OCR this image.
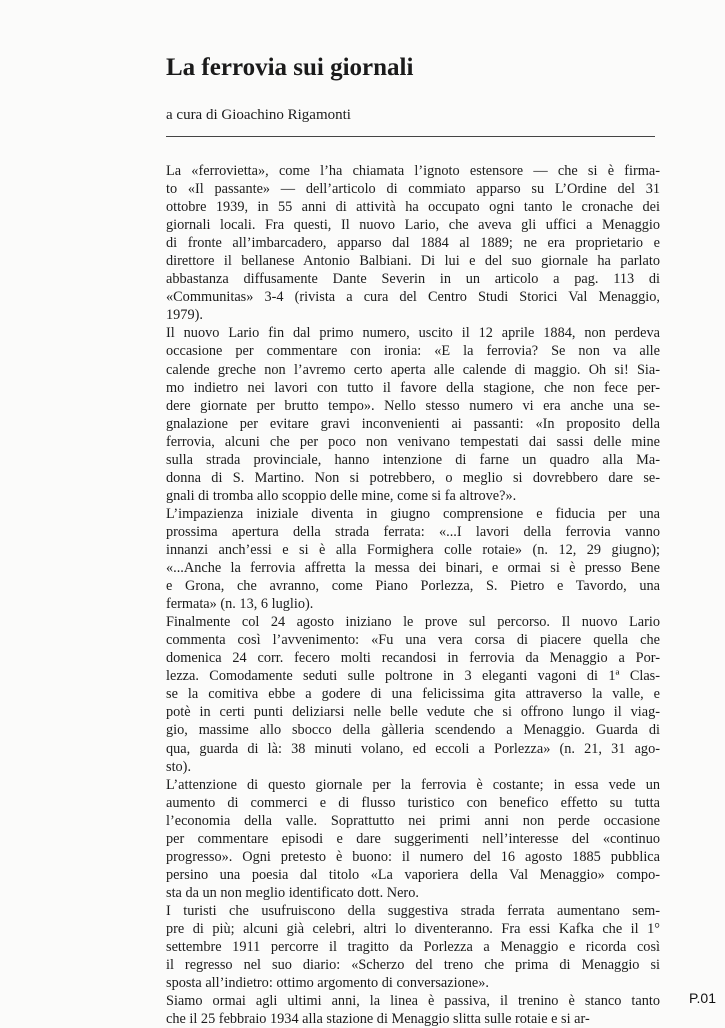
La ferrovia sui giornali
a cura di Gioachino Rigamonti
La «ferrovietta», come l’ha chiamata l’ignoto estensore — che si è firma-
to «Il passante» — dell’articolo di commiato apparso su L’Ordine del 31
ottobre 1939, in 55 anni di attività ha occupato ogni tanto le cronache dei
giornali locali. Fra questi, Il nuovo Lario, che aveva gli uffici a Menaggio
di fronte all’imbarcadero, apparso dal 1884 al 1889; ne era proprietario e
direttore il bellanese Antonio Balbiani. Di lui e del suo giornale ha parlato
abbastanza diffusamente Dante Severin in un articolo a pag. 113 di
«Communitas» 3-4 (rivista a cura del Centro Studi Storici Val Menaggio,
1979).
Il nuovo Lario fin dal primo numero, uscito il 12 aprile 1884, non perdeva
occasione per commentare con ironia: «E la ferrovia? Se non va alle
calende greche non l’avremo certo aperta alle calende di maggio. Oh si! Sia-
mo indietro nei lavori con tutto il favore della stagione, che non fece per-
dere giornate per brutto tempo». Nello stesso numero vi era anche una se-
gnalazione per evitare gravi inconvenienti ai passanti: «In proposito della
ferrovia, alcuni che per poco non venivano tempestati dai sassi delle mine
sulla strada provinciale, hanno intenzione di farne un quadro alla Ma-
donna di S. Martino. Non si potrebbero, o meglio si dovrebbero dare se-
gnali di tromba allo scoppio delle mine, come si fa altrove?».
L’impazienza iniziale diventa in giugno comprensione e fiducia per una
prossima apertura della strada ferrata: «...I lavori della ferrovia vanno
innanzi anch’essi e si è alla Formighera colle rotaie» (n. 12, 29 giugno);
«...Anche la ferrovia affretta la messa dei binari, e ormai si è presso Bene
e Grona, che avranno, come Piano Porlezza, S. Pietro e Tavordo, una
fermata» (n. 13, 6 luglio).
Finalmente col 24 agosto iniziano le prove sul percorso. Il nuovo Lario
commenta così l’avvenimento: «Fu una vera corsa di piacere quella che
domenica 24 corr. fecero molti recandosi in ferrovia da Menaggio a Por-
lezza. Comodamente seduti sulle poltrone in 3 eleganti vagoni di 1ª Clas-
se la comitiva ebbe a godere di una felicissima gita attraverso la valle, e
potè in certi punti deliziarsi nelle belle vedute che si offrono lungo il viag-
gio, massime allo sbocco della gàlleria scendendo a Menaggio. Guarda di
qua, guarda di là: 38 minuti volano, ed eccoli a Porlezza» (n. 21, 31 ago-
sto).
L’attenzione di questo giornale per la ferrovia è costante; in essa vede un
aumento di commerci e di flusso turistico con benefico effetto su tutta
l’economia della valle. Soprattutto nei primi anni non perde occasione
per commentare episodi e dare suggerimenti nell’interesse del «continuo
progresso». Ogni pretesto è buono: il numero del 16 agosto 1885 pubblica
persino una poesia dal titolo «La vaporiera della Val Menaggio» compo-
sta da un non meglio identificato dott. Nero.
I turisti che usufruiscono della suggestiva strada ferrata aumentano sem-
pre di più; alcuni già celebri, altri lo diventeranno. Fra essi Kafka che il 1°
settembre 1911 percorre il tragitto da Porlezza a Menaggio e ricorda così
il regresso nel suo diario: «Scherzo del treno che prima di Menaggio si
sposta all’indietro: ottimo argomento di conversazione».
Siamo ormai agli ultimi anni, la linea è passiva, il trenino è stanco tanto
che il 25 febbraio 1934 alla stazione di Menaggio slitta sulle rotaie e si ar-
P.01
